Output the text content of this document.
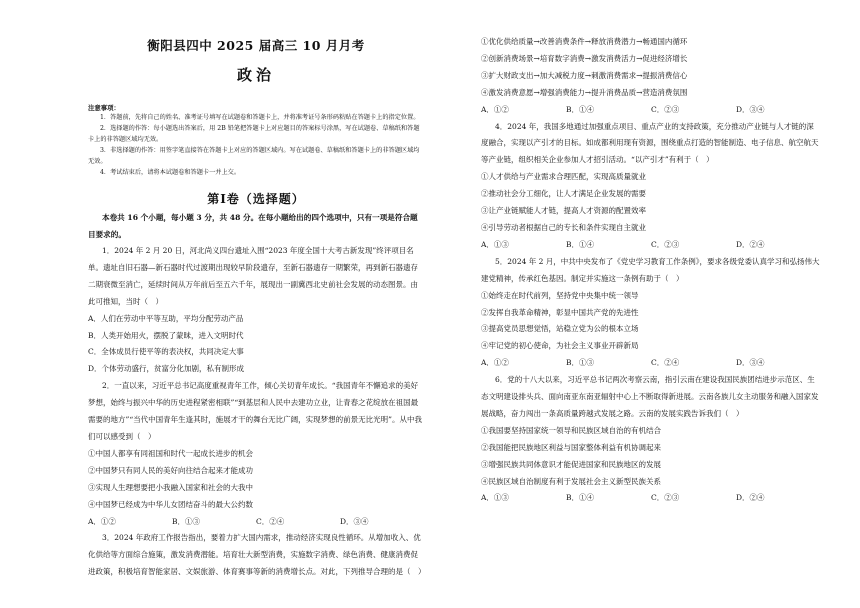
衡阳县四中 2025 届高三 10 月月考
政治
注意事项：

1．答题前，先将自己的姓名、准考证号填写在试题卷和答题卡上，并将准考证号条形码粘贴在答题卡上的指定位置。

2．选择题的作答：每小题选出答案后，用 2B 铅笔把答题卡上对应题目的答案标号涂黑，写在试题卷、草稿纸和答题卡上的非答题区域均无效。

3．非选择题的作答：用签字笔直接答在答题卡上对应的答题区域内。写在试题卷、草稿纸和答题卡上的非答题区域均无效。

4．考试结束后，请将本试题卷和答题卡一并上交。

第Ⅰ卷（选择题）

本卷共 16 个小题，每小题 3 分，共 48 分。在每小题给出的四个选项中，只有一项是符合题目要求的。

1．2024 年 2 月 20 日，河北尚义四台遗址入围“2023 年度全国十大考古新发现”终评项目名单。遗址自旧石器—新石器时代过渡期出现较早阶段遗存，至新石器遗存一期繁荣，再到新石器遗存二期衰微至消亡，延续时间从万年前后至五六千年，展现出一副冀西北史前社会发展的动态图景。由此可推知，当时（　）

A．人们在劳动中平等互助，平均分配劳动产品

B．人类开始用火，摆脱了蒙昧，进入文明时代

C．全体成员行使平等的表决权，共同决定大事

D．个体劳动盛行，贫富分化加剧，私有制形成

2．一直以来，习近平总书记高度重视青年工作，倾心关切青年成长。“我国青年不懈追求的美好梦想，始终与振兴中华的历史进程紧密相联”“到基层和人民中去建功立业，让青春之花绽放在祖国最需要的地方”“当代中国青年生逢其时，施展才干的舞台无比广阔，实现梦想的前景无比光明”。从中我们可以感受到（　）

①中国人都享有同祖国和时代一起成长进步的机会

②中国梦只有同人民的美好向往结合起来才能成功

③实现人生理想要把小我融入国家和社会的大我中

④中国梦已经成为中华儿女团结奋斗的最大公约数

A．①②	B．①③	C．②④	D．③④

3．2024 年政府工作报告指出，要着力扩大国内需求，推动经济实现良性循环。从增加收入、优化供给等方面综合施策，激发消费潜能。培育壮大新型消费，实施数字消费、绿色消费、健康消费促进政策，积极培育智能家居、文娱旅游、体育赛事等新的消费增长点。对此，下列推导合理的是（　）

①优化供给质量→改善消费条件→释放消费潜力→畅通国内循环

②创新消费场景→培育数字消费→激发消费活力→促进经济增长

③扩大财政支出→加大减税力度→刺激消费需求→提振消费信心

④激发消费意愿→增强消费能力→提升消费品质→营造消费氛围

A．①②	B．①④	C．②③	D．③④

4．2024 年，我国多地通过加强重点项目、重点产业的支持政策，充分推动产业链与人才链的深度融合，实现以产引才的目标。如成都利用现有资源，围绕重点打造的智能制造、电子信息、航空航天等产业链，组织相关企业参加人才招引活动。“以产引才”有利于（　）

①人才供给与产业需求合理匹配，实现高质量就业

②推动社会分工细化，让人才满足企业发展的需要

③让产业链赋能人才链，提高人才资源的配置效率

④引导劳动者根据自己的专长和条件实现自主就业

A．①③	B．①④	C．②③	D．②④

5．2024 年 2 月，中共中央发布了《党史学习教育工作条例》，要求各级党委认真学习和弘扬伟大建党精神，传承红色基因。制定并实施这一条例有助于（　）

①始终走在时代前列，坚持党中央集中统一领导

②发挥自我革命精神，彰显中国共产党的先进性

③提高党员思想觉悟，站稳立党为公的根本立场

④牢记党的初心使命，为社会主义事业开辟新局

A．①②	B．①③	C．②④	D．③④

6．党的十八大以来，习近平总书记两次考察云南，指引云南在建设我国民族团结进步示范区、生态文明建设排头兵、面向南亚东南亚辐射中心上不断取得新进展。云南各族儿女主动服务和融入国家发展战略，奋力闯出一条高质量跨越式发展之路。云南的发展实践告诉我们（　）

①我国要坚持国家统一领导和民族区域自治的有机结合

②我国能把民族地区利益与国家整体利益有机协调起来

③增强民族共同体意识才能促进国家和民族地区的发展

④民族区域自治制度有利于发展社会主义新型民族关系

A．①③	B．①④	C．②③	D．②④
